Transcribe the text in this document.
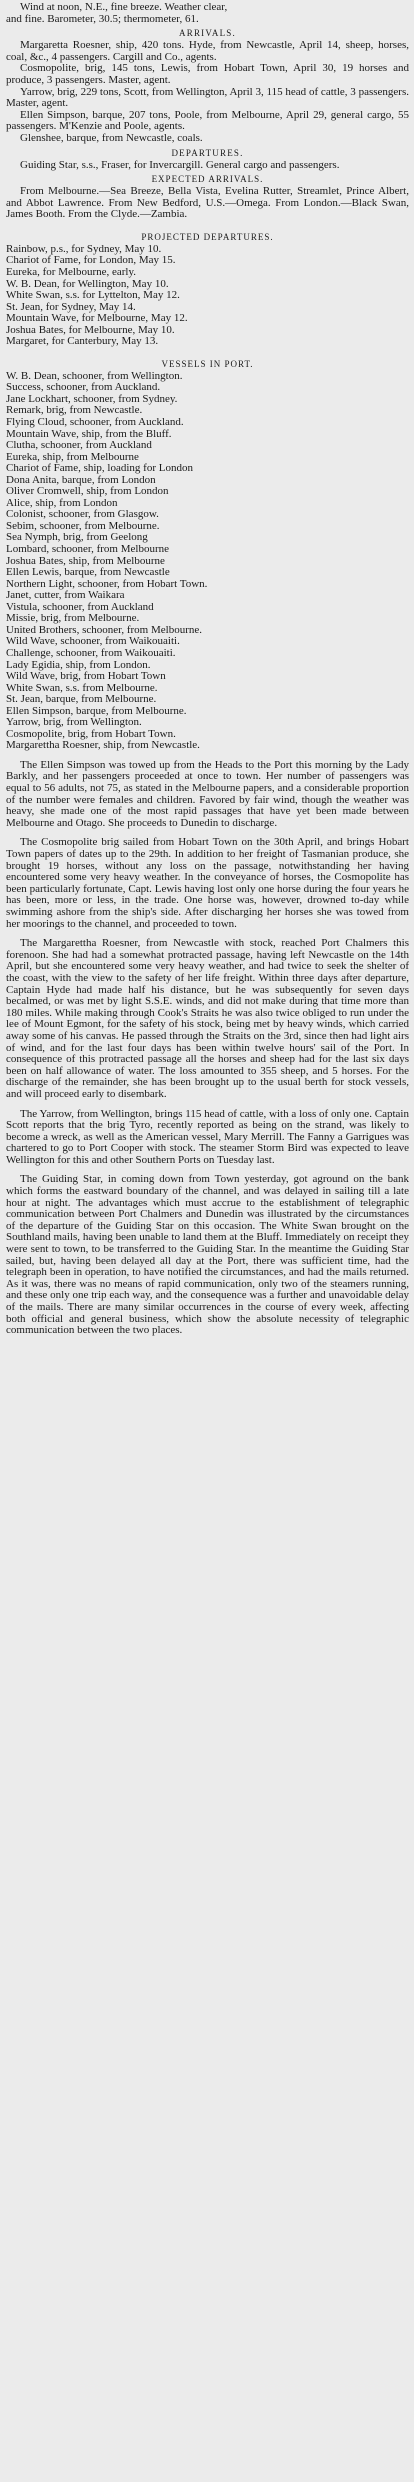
Wind at noon, N.E., fine breeze. Weather clear,
and fine. Barometer, 30.5; thermometer, 61.
ARRIVALS.

Margaretta Roesner, ship, 420 tons. Hyde, from Newcastle, April 14, sheep, horses, coal, &c., 4 passengers. Cargill and Co., agents.

Cosmopolite, brig, 145 tons, Lewis, from Hobart Town, April 30, 19 horses and produce, 3 passengers. Master, agent.

Yarrow, brig, 229 tons, Scott, from Wellington, April 3, 115 head of cattle, 3 passengers. Master, agent.

Ellen Simpson, barque, 207 tons, Poole, from Melbourne, April 29, general cargo, 55 passengers. M'Kenzie and Poole, agents.

Glenshee, barque, from Newcastle, coals.

DEPARTURES.

Guiding Star, s.s., Fraser, for Invercargill. General cargo and passengers.

EXPECTED ARRIVALS.

From Melbourne.—Sea Breeze, Bella Vista, Evelina Rutter, Streamlet, Prince Albert, and Abbot Lawrence. From New Bedford, U.S.—Omega. From London.—Black Swan, James Booth. From the Clyde.—Zambia.

PROJECTED DEPARTURES.
Rainbow, p.s., for Sydney, May 10.
Chariot of Fame, for London, May 15.
Eureka, for Melbourne, early.
W. B. Dean, for Wellington, May 10.
White Swan, s.s. for Lyttelton, May 12.
St. Jean, for Sydney, May 14.
Mountain Wave, for Melbourne, May 12.
Joshua Bates, for Melbourne, May 10.
Margaret, for Canterbury, May 13.
VESSELS IN PORT.
W. B. Dean, schooner, from Wellington.
Success, schooner, from Auckland.
Jane Lockhart, schooner, from Sydney.
Remark, brig, from Newcastle.
Flying Cloud, schooner, from Auckland.
Mountain Wave, ship, from the Bluff.
Clutha, schooner, from Auckland
Eureka, ship, from Melbourne
Chariot of Fame, ship, loading for London
Dona Anita, barque, from London
Oliver Cromwell, ship, from London
Alice, ship, from London
Colonist, schooner, from Glasgow.
Sebim, schooner, from Melbourne.
Sea Nymph, brig, from Geelong
Lombard, schooner, from Melbourne
Joshua Bates, ship, from Melbourne
Ellen Lewis, barque, from Newcastle
Northern Light, schooner, from Hobart Town.
Janet, cutter, from Waikara
Vistula, schooner, from Auckland
Missie, brig, from Melbourne.
United Brothers, schooner, from Melbourne.
Wild Wave, schooner, from Waikouaiti.
Challenge, schooner, from Waikouaiti.
Lady Egidia, ship, from London.
Wild Wave, brig, from Hobart Town
White Swan, s.s. from Melbourne.
St. Jean, barque, from Melbourne.
Ellen Simpson, barque, from Melbourne.
Yarrow, brig, from Wellington.
Cosmopolite, brig, from Hobart Town.
Margarettha Roesner, ship, from Newcastle.

The Ellen Simpson was towed up from the Heads to the Port this morning by the Lady Barkly, and her passengers proceeded at once to town. Her number of passengers was equal to 56 adults, not 75, as stated in the Melbourne papers, and a considerable proportion of the number were females and children. Favored by fair wind, though the weather was heavy, she made one of the most rapid passages that have yet been made between Melbourne and Otago. She proceeds to Dunedin to discharge.

The Cosmopolite brig sailed from Hobart Town on the 30th April, and brings Hobart Town papers of dates up to the 29th. In addition to her freight of Tasmanian produce, she brought 19 horses, without any loss on the passage, notwithstanding her having encountered some very heavy weather. In the conveyance of horses, the Cosmopolite has been particularly fortunate, Capt. Lewis having lost only one horse during the four years he has been, more or less, in the trade. One horse was, however, drowned to-day while swimming ashore from the ship's side. After discharging her horses she was towed from her moorings to the channel, and proceeded to town.

The Margarettha Roesner, from Newcastle with stock, reached Port Chalmers this forenoon. She had had a somewhat protracted passage, having left Newcastle on the 14th April, but she encountered some very heavy weather, and had twice to seek the shelter of the coast, with the view to the safety of her life freight. Within three days after departure, Captain Hyde had made half his distance, but he was subsequently for seven days becalmed, or was met by light S.S.E. winds, and did not make during that time more than 180 miles. While making through Cook's Straits he was also twice obliged to run under the lee of Mount Egmont, for the safety of his stock, being met by heavy winds, which carried away some of his canvas. He passed through the Straits on the 3rd, since then had light airs of wind, and for the last four days has been within twelve hours' sail of the Port. In consequence of this protracted passage all the horses and sheep had for the last six days been on half allowance of water. The loss amounted to 355 sheep, and 5 horses. For the discharge of the remainder, she has been brought up to the usual berth for stock vessels, and will proceed early to disembark.

The Yarrow, from Wellington, brings 115 head of cattle, with a loss of only one. Captain Scott reports that the brig Tyro, recently reported as being on the strand, was likely to become a wreck, as well as the American vessel, Mary Merrill. The Fanny a Garrigues was chartered to go to Port Cooper with stock. The steamer Storm Bird was expected to leave Wellington for this and other Southern Ports on Tuesday last.

The Guiding Star, in coming down from Town yesterday, got aground on the bank which forms the eastward boundary of the channel, and was delayed in sailing till a late hour at night. The advantages which must accrue to the establishment of telegraphic communication between Port Chalmers and Dunedin was illustrated by the circumstances of the departure of the Guiding Star on this occasion. The White Swan brought on the Southland mails, having been unable to land them at the Bluff. Immediately on receipt they were sent to town, to be transferred to the Guiding Star. In the meantime the Guiding Star sailed, but, having been delayed all day at the Port, there was sufficient time, had the telegraph been in operation, to have notified the circumstances, and had the mails returned. As it was, there was no means of rapid communication, only two of the steamers running, and these only one trip each way, and the consequence was a further and unavoidable delay of the mails. There are many similar occurrences in the course of every week, affecting both official and general business, which show the absolute necessity of telegraphic communication between the two places.
